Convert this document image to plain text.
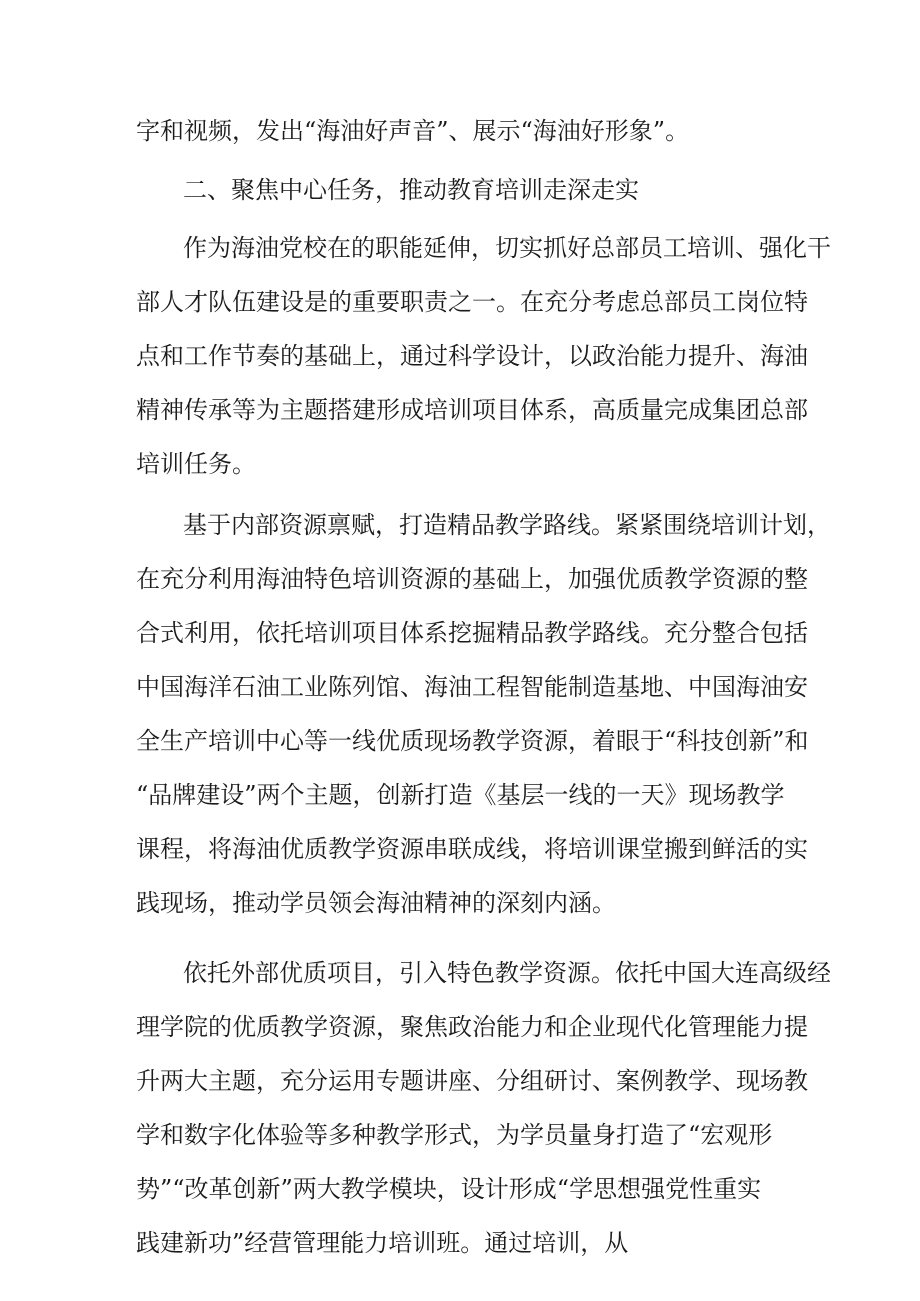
字和视频，发出“海油好声音”、展示“海油好形象”。
二、聚焦中心任务，推动教育培训走深走实
作为海油党校在的职能延伸，切实抓好总部员工培训、强化干
部人才队伍建设是的重要职责之一。在充分考虑总部员工岗位特
点和工作节奏的基础上，通过科学设计，以政治能力提升、海油
精神传承等为主题搭建形成培训项目体系，高质量完成集团总部
培训任务。
基于内部资源禀赋，打造精品教学路线。紧紧围绕培训计划，
在充分利用海油特色培训资源的基础上，加强优质教学资源的整
合式利用，依托培训项目体系挖掘精品教学路线。充分整合包括
中国海洋石油工业陈列馆、海油工程智能制造基地、中国海油安
全生产培训中心等一线优质现场教学资源，着眼于“科技创新”和
“品牌建设”两个主题，创新打造《基层一线的一天》现场教学
课程，将海油优质教学资源串联成线，将培训课堂搬到鲜活的实
践现场，推动学员领会海油精神的深刻内涵。
依托外部优质项目，引入特色教学资源。依托中国大连高级经
理学院的优质教学资源，聚焦政治能力和企业现代化管理能力提
升两大主题，充分运用专题讲座、分组研讨、案例教学、现场教
学和数字化体验等多种教学形式，为学员量身打造了“宏观形
势”“改革创新”两大教学模块，设计形成“学思想强党性重实
践建新功”经营管理能力培训班。通过培训，从
